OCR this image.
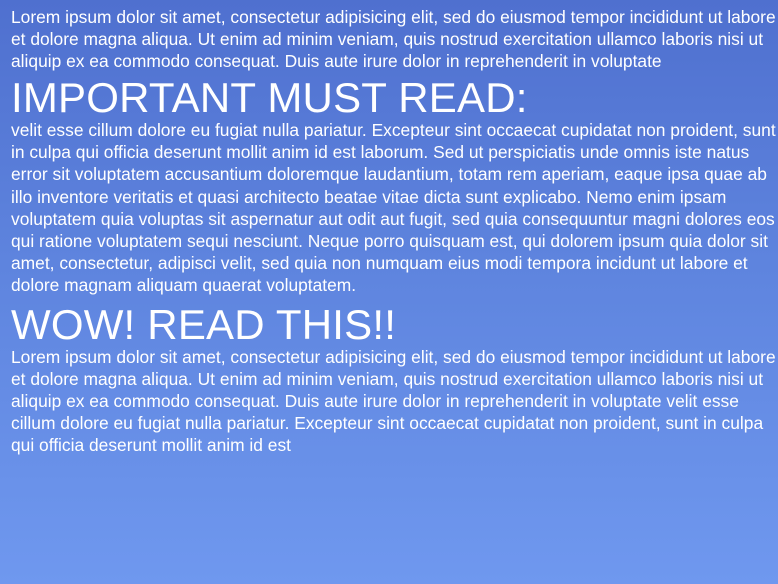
Lorem ipsum dolor sit amet, consectetur adipisicing elit, sed do eiusmod tempor incididunt ut labore et dolore magna aliqua. Ut enim ad minim veniam, quis nostrud exercitation ullamco laboris nisi ut aliquip ex ea commodo consequat. Duis aute irure dolor in reprehenderit in voluptate

IMPORTANT MUST READ:

velit esse cillum dolore eu fugiat nulla pariatur. Excepteur sint occaecat cupidatat non proident, sunt in culpa qui officia deserunt mollit anim id est laborum. Sed ut perspiciatis unde omnis iste natus error sit voluptatem accusantium doloremque laudantium, totam rem aperiam, eaque ipsa quae ab illo inventore veritatis et quasi architecto beatae vitae dicta sunt explicabo. Nemo enim ipsam voluptatem quia voluptas sit aspernatur aut odit aut fugit, sed quia consequuntur magni dolores eos qui ratione voluptatem sequi nesciunt. Neque porro quisquam est, qui dolorem ipsum quia dolor sit amet, consectetur, adipisci velit, sed quia non numquam eius modi tempora incidunt ut labore et dolore magnam aliquam quaerat voluptatem.

WOW! READ THIS!!

Lorem ipsum dolor sit amet, consectetur adipisicing elit, sed do eiusmod tempor incididunt ut labore et dolore magna aliqua. Ut enim ad minim veniam, quis nostrud exercitation ullamco laboris nisi ut aliquip ex ea commodo consequat. Duis aute irure dolor in reprehenderit in voluptate velit esse cillum dolore eu fugiat nulla pariatur. Excepteur sint occaecat cupidatat non proident, sunt in culpa qui officia deserunt mollit anim id est
